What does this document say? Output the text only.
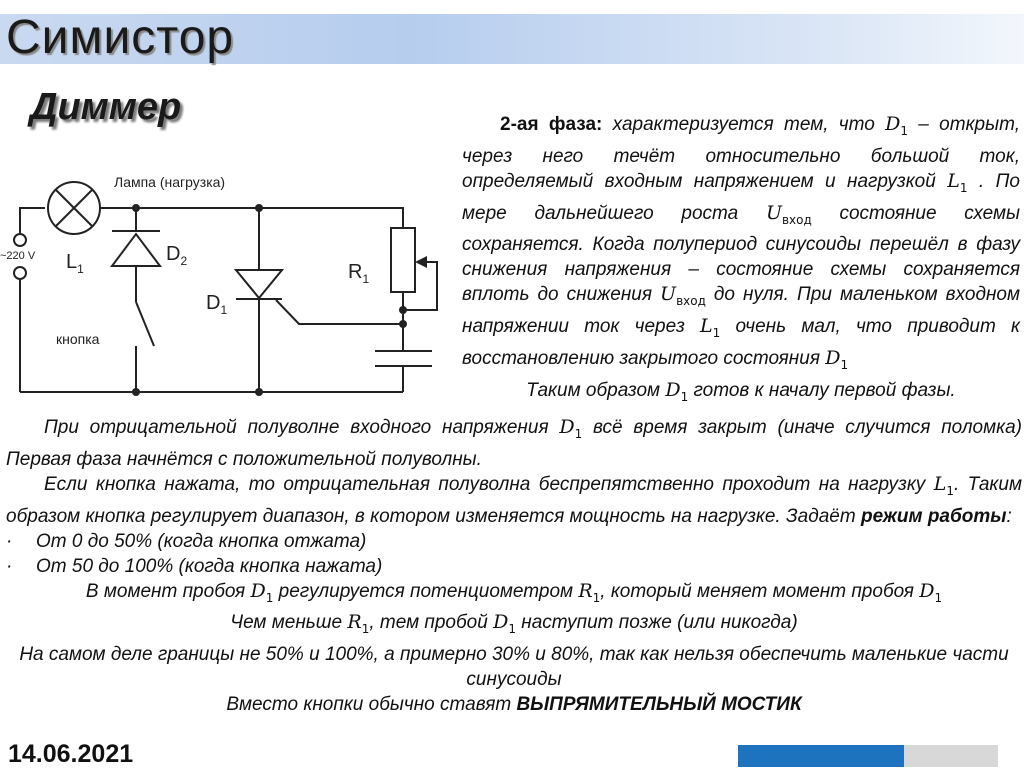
Симистор
Диммер
Лампа (нагрузка)
~220 V $L_1$
$D_2$
$D_1$
$R_1$
кнопка

2-ая фаза: характеризуется тем, что $D_1$ – открыт, через него течёт относительно большой ток, определяемый входным напряжением и нагрузкой $L_1$ . По мере дальнейшего роста $U_{вход}$ состояние схемы сохраняется. Когда полупериод синусоиды перешёл в фазу снижения напряжения – состояние схемы сохраняется вплоть до снижения $U_{вход}$ до нуля. При маленьком входном напряжении ток через $L_1$ очень мал, что приводит к восстановлению закрытого состояния $D_1$

Таким образом $D_1$ готов к началу первой фазы.

При отрицательной полуволне входного напряжения $D_1$ всё время закрыт (иначе случится поломка) Первая фаза начнётся с положительной полуволны.

Если кнопка нажата, то отрицательная полуволна беспрепятственно проходит на нагрузку $L_1$. Таким образом кнопка регулирует диапазон, в котором изменяется мощность на нагрузке. Задаёт режим работы:

· От 0 до 50% (когда кнопка отжата)

· От 50 до 100% (когда кнопка нажата)

В момент пробоя $D_1$ регулируется потенциометром $R_1$, который меняет момент пробоя $D_1$

Чем меньше $R_1$, тем пробой $D_1$ наступит позже (или никогда)

На самом деле границы не 50% и 100%, а примерно 30% и 80%, так как нельзя обеспечить маленькие части синусоиды

Вместо кнопки обычно ставят ВЫПРЯМИТЕЛЬНЫЙ МОСТИК

14.06.2021
